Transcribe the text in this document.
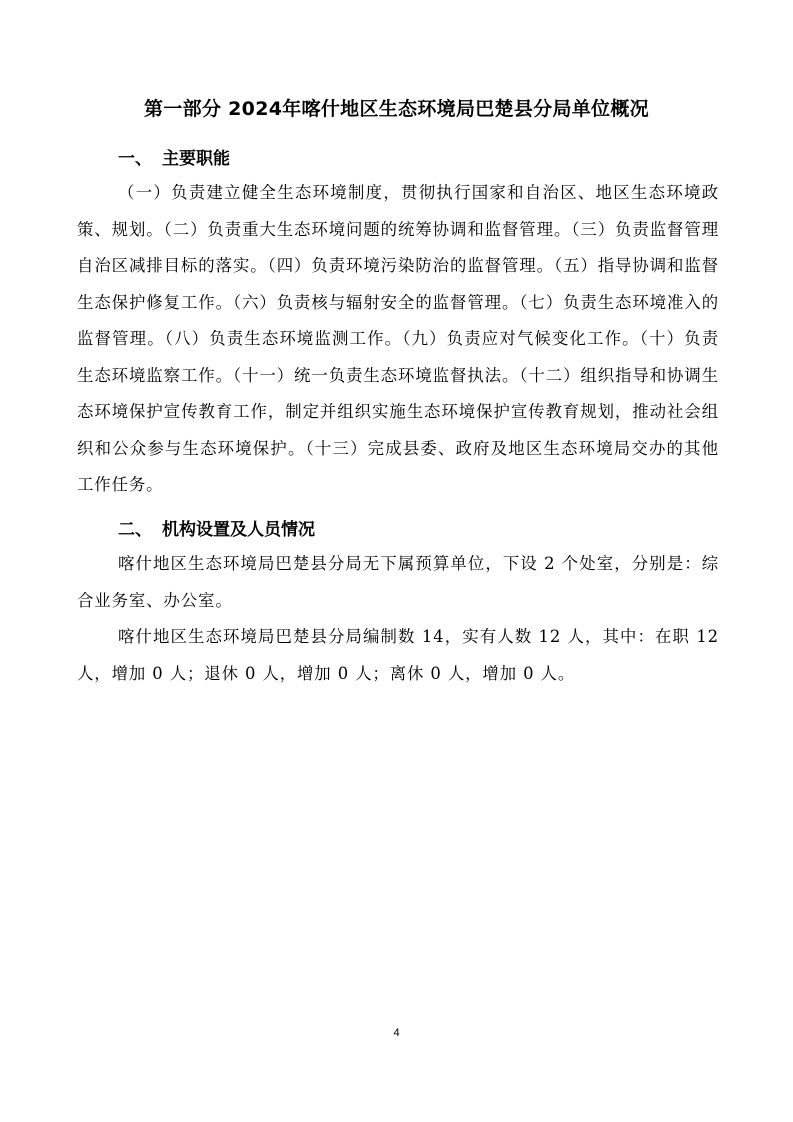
第一部分 2024年喀什地区生态环境局巴楚县分局单位概况
一、 主要职能

（一）负责建立健全生态环境制度，贯彻执行国家和自治区、地区生态环境政策、规划。（二）负责重大生态环境问题的统筹协调和监督管理。（三）负责监督管理自治区减排目标的落实。（四）负责环境污染防治的监督管理。（五）指导协调和监督生态保护修复工作。（六）负责核与辐射安全的监督管理。（七）负责生态环境准入的监督管理。（八）负责生态环境监测工作。（九）负责应对气候变化工作。（十）负责生态环境监察工作。（十一）统一负责生态环境监督执法。（十二）组织指导和协调生态环境保护宣传教育工作，制定并组织实施生态环境保护宣传教育规划，推动社会组织和公众参与生态环境保护。（十三）完成县委、政府及地区生态环境局交办的其他工作任务。

二、 机构设置及人员情况

喀什地区生态环境局巴楚县分局无下属预算单位，下设 2 个处室，分别是：综合业务室、办公室。

喀什地区生态环境局巴楚县分局编制数 14，实有人数 12 人，其中：在职 12 人，增加 0 人；退休 0 人，增加 0 人；离休 0 人，增加 0 人。

4
